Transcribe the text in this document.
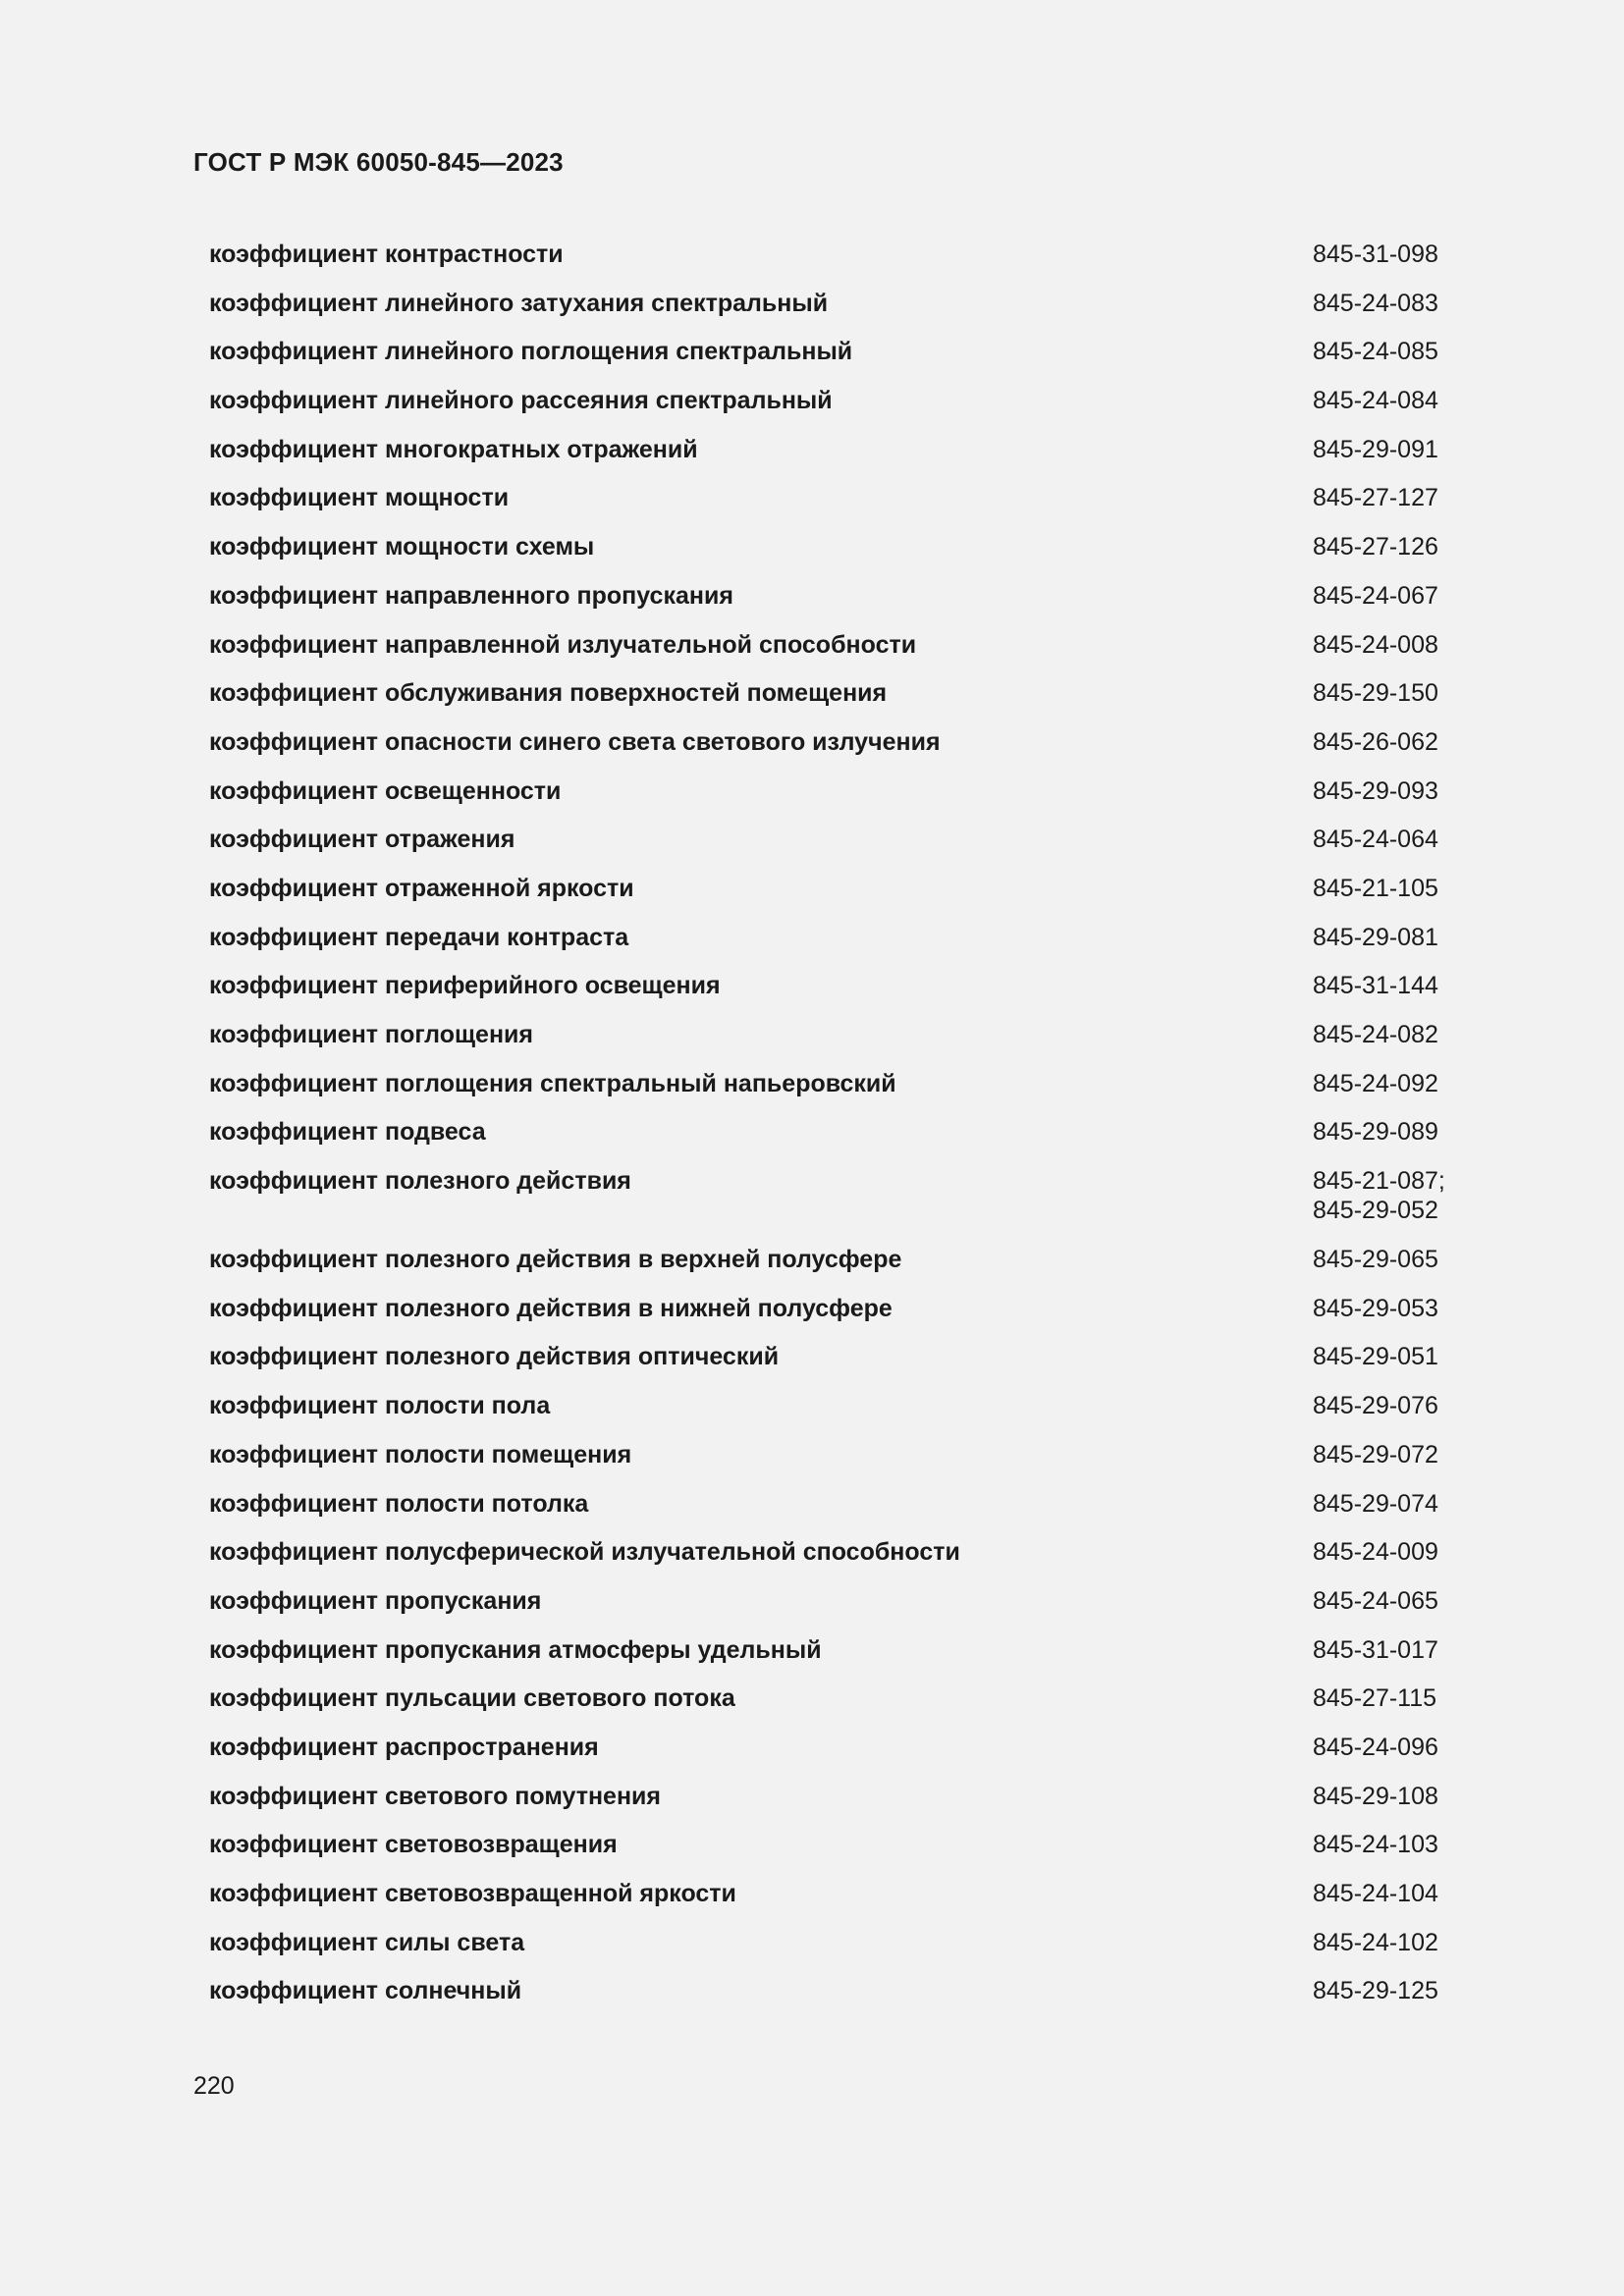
ГОСТ Р МЭК 60050-845—2023
коэффициент контрастности	845-31-098
коэффициент линейного затухания спектральный	845-24-083
коэффициент линейного поглощения спектральный	845-24-085
коэффициент линейного рассеяния спектральный	845-24-084
коэффициент многократных отражений	845-29-091
коэффициент мощности	845-27-127
коэффициент мощности схемы	845-27-126
коэффициент направленного пропускания	845-24-067
коэффициент направленной излучательной способности	845-24-008
коэффициент обслуживания поверхностей помещения	845-29-150
коэффициент опасности синего света светового излучения	845-26-062
коэффициент освещенности	845-29-093
коэффициент отражения	845-24-064
коэффициент отраженной яркости	845-21-105
коэффициент передачи контраста	845-29-081
коэффициент периферийного освещения	845-31-144
коэффициент поглощения	845-24-082
коэффициент поглощения спектральный напьеровский	845-24-092
коэффициент подвеса	845-29-089
коэффициент полезного действия	845-21-087;
845-29-052
коэффициент полезного действия в верхней полусфере	845-29-065
коэффициент полезного действия в нижней полусфере	845-29-053
коэффициент полезного действия оптический	845-29-051
коэффициент полости пола	845-29-076
коэффициент полости помещения	845-29-072
коэффициент полости потолка	845-29-074
коэффициент полусферической излучательной способности	845-24-009
коэффициент пропускания	845-24-065
коэффициент пропускания атмосферы удельный	845-31-017
коэффициент пульсации светового потока	845-27-115
коэффициент распространения	845-24-096
коэффициент светового помутнения	845-29-108
коэффициент световозвращения	845-24-103
коэффициент световозвращенной яркости	845-24-104
коэффициент силы света	845-24-102
коэффициент солнечный	845-29-125
220
